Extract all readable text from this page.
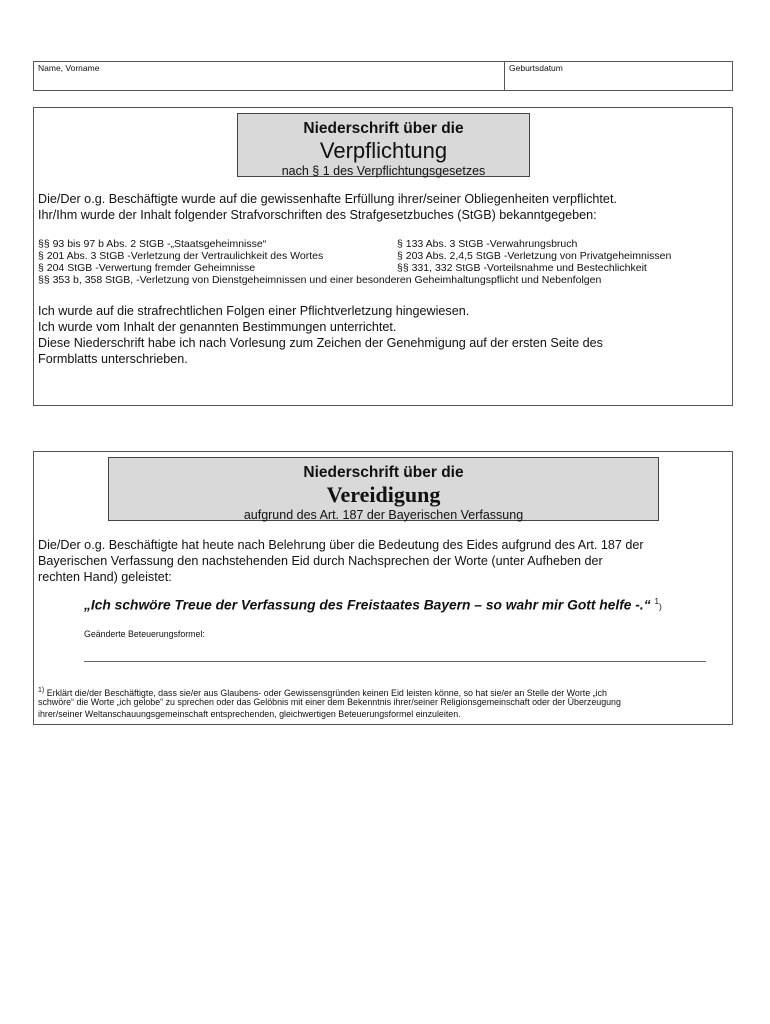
Name, Vorname	Geburtsdatum
Niederschrift über die
Verpflichtung
nach § 1 des Verpflichtungsgesetzes
Die/Der o.g. Beschäftigte wurde auf die gewissenhafte Erfüllung ihrer/seiner Obliegenheiten verpflichtet.
Ihr/Ihm wurde der Inhalt folgender Strafvorschriften des Strafgesetzbuches (StGB) bekanntgegeben:
§§ 93 bis 97 b Abs. 2 StGB -„Staatsgeheimnisse“
§ 201 Abs. 3 StGB -Verletzung der Vertraulichkeit des Wortes
§ 204 StGB -Verwertung fremder Geheimnisse
§ 133 Abs. 3 StGB -Verwahrungsbruch
§ 203 Abs. 2,4,5 StGB -Verletzung von Privatgeheimnissen
§§ 331, 332 StGB -Vorteilsnahme und Bestechlichkeit
§§ 353 b, 358 StGB, -Verletzung von Dienstgeheimnissen und einer besonderen Geheimhaltungspflicht und Nebenfolgen
Ich wurde auf die strafrechtlichen Folgen einer Pflichtverletzung hingewiesen.
Ich wurde vom Inhalt der genannten Bestimmungen unterrichtet.
Diese Niederschrift habe ich nach Vorlesung zum Zeichen der Genehmigung auf der ersten Seite des
Formblatts unterschrieben.
Niederschrift über die
Vereidigung
aufgrund des Art. 187 der Bayerischen Verfassung
Die/Der o.g. Beschäftigte hat heute nach Belehrung über die Bedeutung des Eides aufgrund des Art. 187 der
Bayerischen Verfassung den nachstehenden Eid durch Nachsprechen der Worte (unter Aufheben der
rechten Hand) geleistet:
„Ich schwöre Treue der Verfassung des Freistaates Bayern – so wahr mir Gott helfe -.“ $^1$)
Geänderte Beteuerungsformel:
$^{1)}$ Erklärt die/der Beschäftigte, dass sie/er aus Glaubens- oder Gewissensgründen keinen Eid leisten könne, so hat sie/er an Stelle der Worte „ich
schwöre“ die Worte „ich gelobe“ zu sprechen oder das Gelöbnis mit einer dem Bekenntnis ihrer/seiner Religionsgemeinschaft oder der Überzeugung
ihrer/seiner Weltanschauungsgemeinschaft entsprechenden, gleichwertigen Beteuerungsformel einzuleiten.
